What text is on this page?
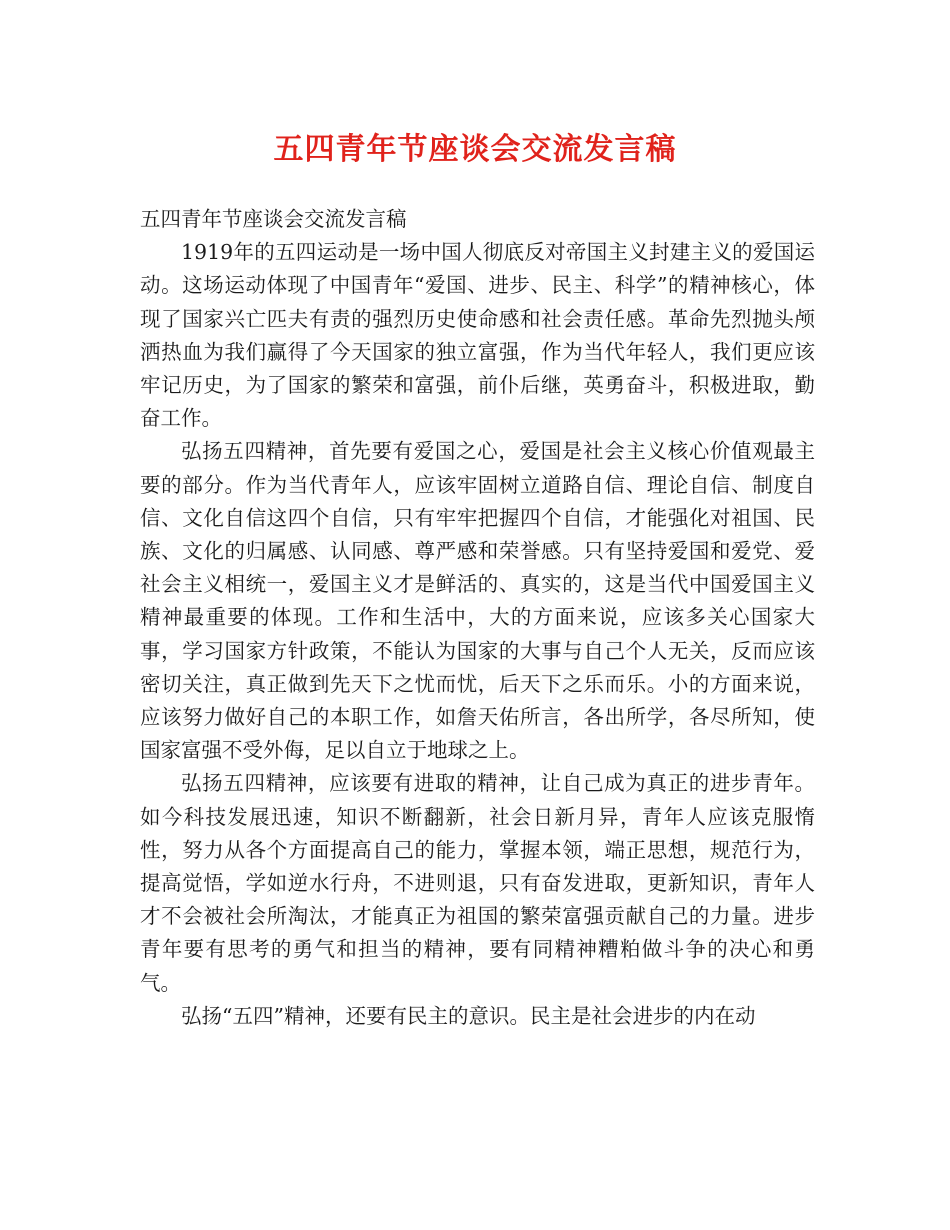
五四青年节座谈会交流发言稿

五四青年节座谈会交流发言稿

1919年的五四运动是一场中国人彻底反对帝国主义封建主义的爱国运动。这场运动体现了中国青年“爱国、进步、民主、科学”的精神核心，体现了国家兴亡匹夫有责的强烈历史使命感和社会责任感。革命先烈抛头颅洒热血为我们赢得了今天国家的独立富强，作为当代年轻人，我们更应该牢记历史，为了国家的繁荣和富强，前仆后继，英勇奋斗，积极进取，勤奋工作。

弘扬五四精神，首先要有爱国之心，爱国是社会主义核心价值观最主要的部分。作为当代青年人，应该牢固树立道路自信、理论自信、制度自信、文化自信这四个自信，只有牢牢把握四个自信，才能强化对祖国、民族、文化的归属感、认同感、尊严感和荣誉感。只有坚持爱国和爱党、爱社会主义相统一，爱国主义才是鲜活的、真实的，这是当代中国爱国主义精神最重要的体现。工作和生活中，大的方面来说，应该多关心国家大事，学习国家方针政策，不能认为国家的大事与自己个人无关，反而应该密切关注，真正做到先天下之忧而忧，后天下之乐而乐。小的方面来说，应该努力做好自己的本职工作，如詹天佑所言，各出所学，各尽所知，使国家富强不受外侮，足以自立于地球之上。

弘扬五四精神，应该要有进取的精神，让自己成为真正的进步青年。如今科技发展迅速，知识不断翻新，社会日新月异，青年人应该克服惰性，努力从各个方面提高自己的能力，掌握本领，端正思想，规范行为，提高觉悟，学如逆水行舟，不进则退，只有奋发进取，更新知识，青年人才不会被社会所淘汰，才能真正为祖国的繁荣富强贡献自己的力量。进步青年要有思考的勇气和担当的精神，要有同精神糟粕做斗争的决心和勇气。

弘扬“五四”精神，还要有民主的意识。民主是社会进步的内在动
